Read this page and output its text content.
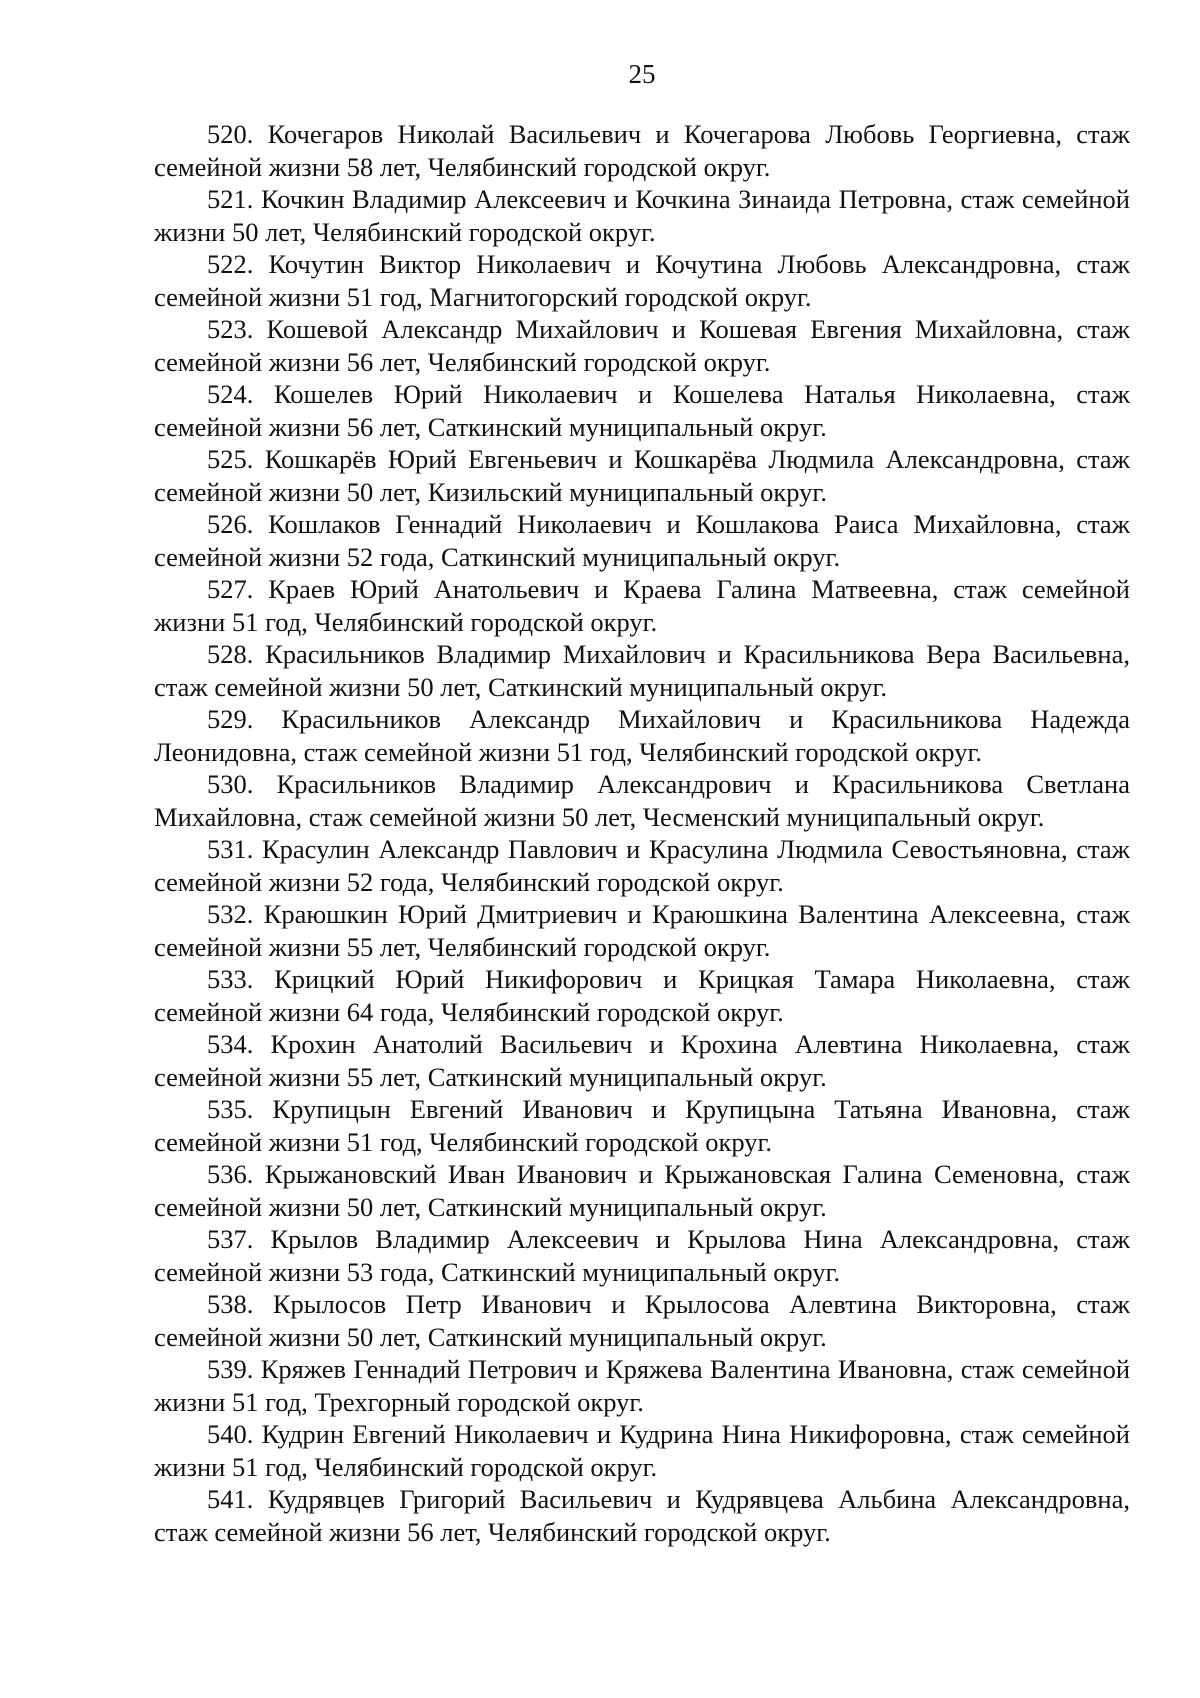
25

520. Кочегаров Николай Васильевич и Кочегарова Любовь Георгиевна, стаж семейной жизни 58 лет, Челябинский городской округ.

521. Кочкин Владимир Алексеевич и Кочкина Зинаида Петровна, стаж семейной жизни 50 лет, Челябинский городской округ.

522. Кочутин Виктор Николаевич и Кочутина Любовь Александровна, стаж семейной жизни 51 год, Магнитогорский городской округ.

523. Кошевой Александр Михайлович и Кошевая Евгения Михайловна, стаж семейной жизни 56 лет, Челябинский городской округ.

524. Кошелев Юрий Николаевич и Кошелева Наталья Николаевна, стаж семейной жизни 56 лет, Саткинский муниципальный округ.

525. Кошкарёв Юрий Евгеньевич и Кошкарёва Людмила Александровна, стаж семейной жизни 50 лет, Кизильский муниципальный округ.

526. Кошлаков Геннадий Николаевич и Кошлакова Раиса Михайловна, стаж семейной жизни 52 года, Саткинский муниципальный округ.

527. Краев Юрий Анатольевич и Краева Галина Матвеевна, стаж семейной жизни 51 год, Челябинский городской округ.

528. Красильников Владимир Михайлович и Красильникова Вера Васильевна, стаж семейной жизни 50 лет, Саткинский муниципальный округ.

529. Красильников Александр Михайлович и Красильникова Надежда Леонидовна, стаж семейной жизни 51 год, Челябинский городской округ.

530. Красильников Владимир Александрович и Красильникова Светлана Михайловна, стаж семейной жизни 50 лет, Чесменский муниципальный округ.

531. Красулин Александр Павлович и Красулина Людмила Севостьяновна, стаж семейной жизни 52 года, Челябинский городской округ.

532. Краюшкин Юрий Дмитриевич и Краюшкина Валентина Алексеевна, стаж семейной жизни 55 лет, Челябинский городской округ.

533. Крицкий Юрий Никифорович и Крицкая Тамара Николаевна, стаж семейной жизни 64 года, Челябинский городской округ.

534. Крохин Анатолий Васильевич и Крохина Алевтина Николаевна, стаж семейной жизни 55 лет, Саткинский муниципальный округ.

535. Крупицын Евгений Иванович и Крупицына Татьяна Ивановна, стаж семейной жизни 51 год, Челябинский городской округ.

536. Крыжановский Иван Иванович и Крыжановская Галина Семеновна, стаж семейной жизни 50 лет, Саткинский муниципальный округ.

537. Крылов Владимир Алексеевич и Крылова Нина Александровна, стаж семейной жизни 53 года, Саткинский муниципальный округ.

538. Крылосов Петр Иванович и Крылосова Алевтина Викторовна, стаж семейной жизни 50 лет, Саткинский муниципальный округ.

539. Кряжев Геннадий Петрович и Кряжева Валентина Ивановна, стаж семейной жизни 51 год, Трехгорный городской округ.

540. Кудрин Евгений Николаевич и Кудрина Нина Никифоровна, стаж семейной жизни 51 год, Челябинский городской округ.

541. Кудрявцев Григорий Васильевич и Кудрявцева Альбина Александровна, стаж семейной жизни 56 лет, Челябинский городской округ.
